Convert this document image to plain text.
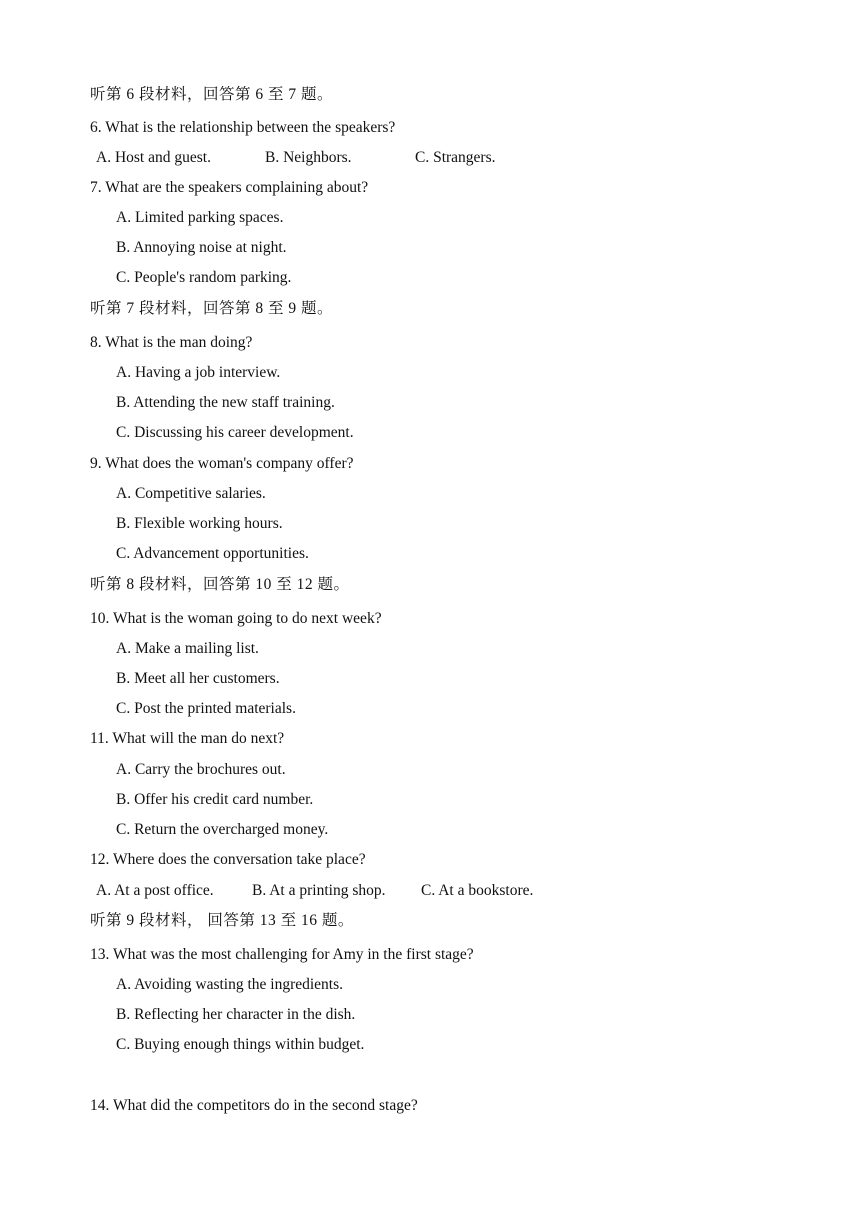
听第 6 段材料，回答第 6 至 7 题。
6. What is the relationship between the speakers?
A. Host and guest.	B. Neighbors.	C. Strangers.
7. What are the speakers complaining about?
A. Limited parking spaces.
B. Annoying noise at night.
C. People's random parking.
听第 7 段材料，回答第 8 至 9 题。
8. What is the man doing?
A. Having a job interview.
B. Attending the new staff training.
C. Discussing his career development.
9. What does the woman's company offer?
A. Competitive salaries.
B. Flexible working hours.
C. Advancement opportunities.
听第 8 段材料，回答第 10 至 12 题。
10. What is the woman going to do next week?
A. Make a mailing list.
B. Meet all her customers.
C. Post the printed materials.
11. What will the man do next?
A. Carry the brochures out.
B. Offer his credit card number.
C. Return the overcharged money.
12. Where does the conversation take place?
A. At a post office. B. At a printing shop. C. At a bookstore.
听第 9 段材料， 回答第 13 至 16 题。
13. What was the most challenging for Amy in the first stage?
A. Avoiding wasting the ingredients.
B. Reflecting her character in the dish.
C. Buying enough things within budget.
14. What did the competitors do in the second stage?
